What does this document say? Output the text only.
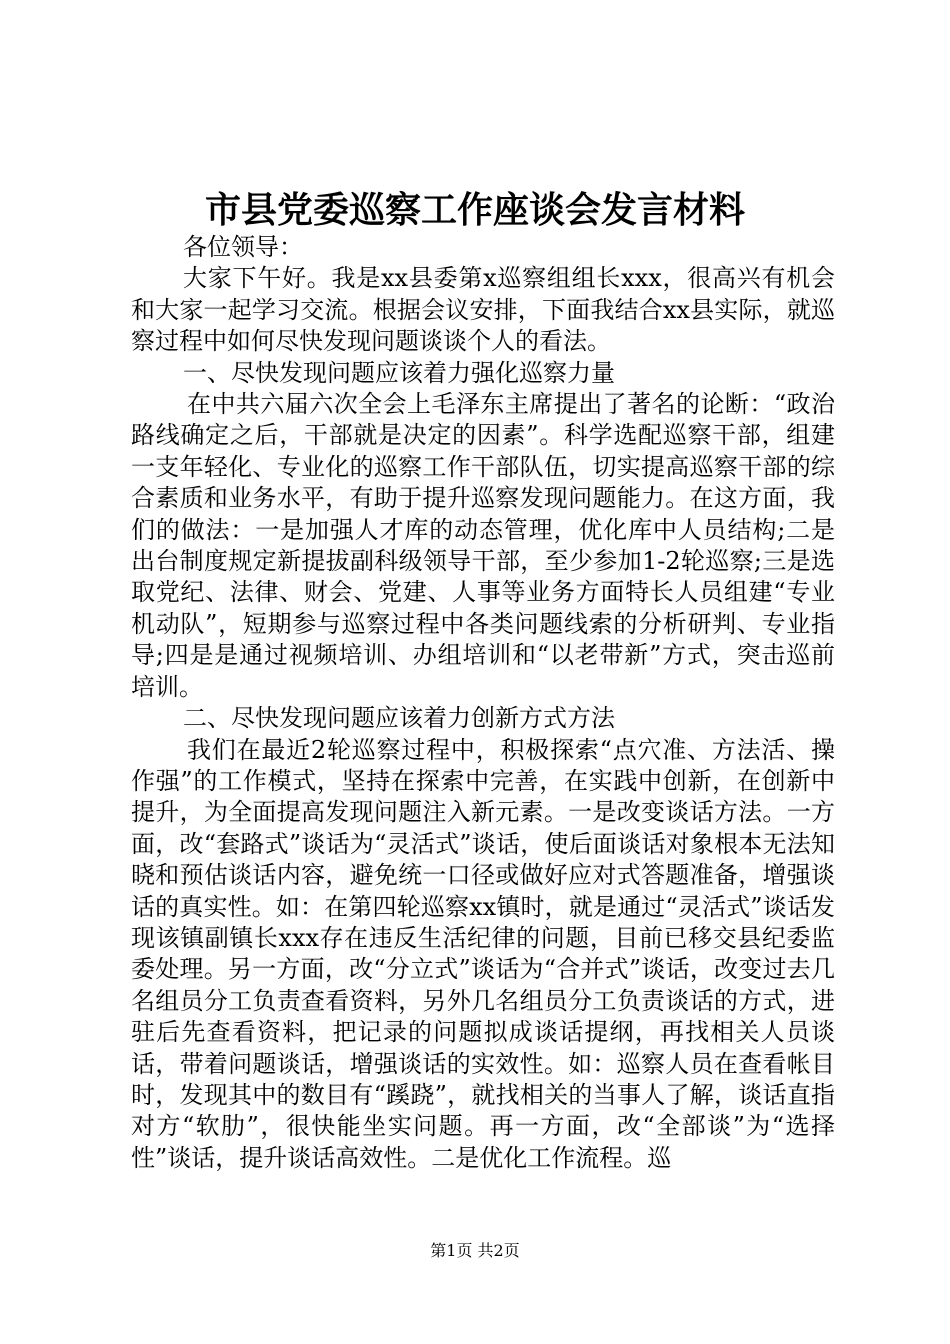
市县党委巡察工作座谈会发言材料

各位领导：

大家下午好。我是xx县委第x巡察组组长xxx，很高兴有机会和大家一起学习交流。根据会议安排，下面我结合xx县实际，就巡察过程中如何尽快发现问题谈谈个人的看法。

一、尽快发现问题应该着力强化巡察力量

在中共六届六次全会上毛泽东主席提出了著名的论断：“政治路线确定之后，干部就是决定的因素”。科学选配巡察干部，组建一支年轻化、专业化的巡察工作干部队伍，切实提高巡察干部的综合素质和业务水平，有助于提升巡察发现问题能力。在这方面，我们的做法：一是加强人才库的动态管理，优化库中人员结构;二是出台制度规定新提拔副科级领导干部，至少参加1-2轮巡察;三是选取党纪、法律、财会、党建、人事等业务方面特长人员组建“专业机动队”，短期参与巡察过程中各类问题线索的分析研判、专业指导;四是是通过视频培训、办组培训和“以老带新”方式，突击巡前培训。

二、尽快发现问题应该着力创新方式方法

我们在最近2轮巡察过程中，积极探索“点穴准、方法活、操作强”的工作模式，坚持在探索中完善，在实践中创新，在创新中提升，为全面提高发现问题注入新元素。一是改变谈话方法。一方面，改“套路式”谈话为“灵活式”谈话，使后面谈话对象根本无法知晓和预估谈话内容，避免统一口径或做好应对式答题准备，增强谈话的真实性。如：在第四轮巡察xx镇时，就是通过“灵活式”谈话发现该镇副镇长xxx存在违反生活纪律的问题，目前已移交县纪委监委处理。另一方面，改“分立式”谈话为“合并式”谈话，改变过去几名组员分工负责查看资料，另外几名组员分工负责谈话的方式，进驻后先查看资料，把记录的问题拟成谈话提纲，再找相关人员谈话，带着问题谈话，增强谈话的实效性。如：巡察人员在查看帐目时，发现其中的数目有“蹊跷”，就找相关的当事人了解，谈话直指对方“软肋”，很快能坐实问题。再一方面，改“全部谈”为“选择性”谈话，提升谈话高效性。二是优化工作流程。巡

第1页 共2页
